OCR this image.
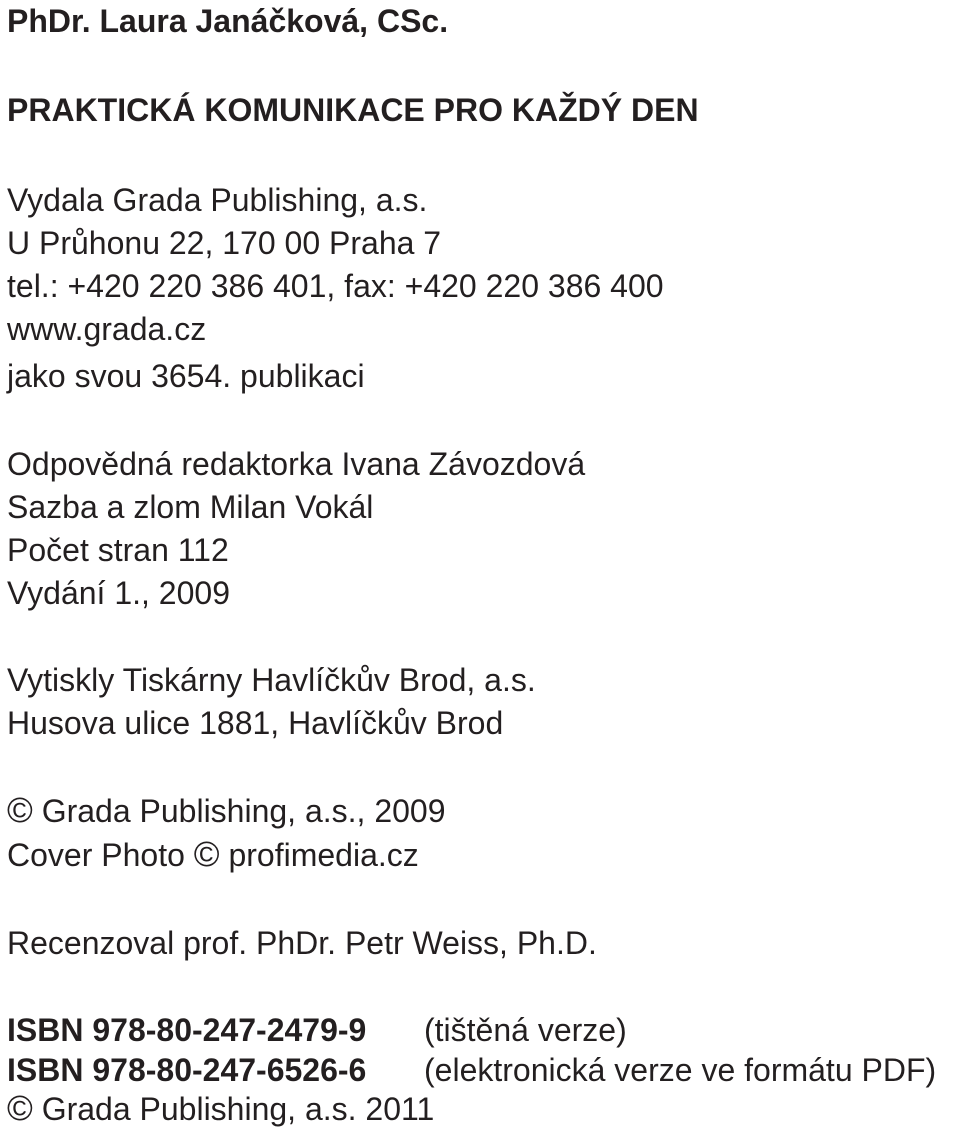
PhDr. Laura Janáčková, CSc.

PRAKTICKÁ KOMUNIKACE PRO KAŽDÝ DEN

Vydala Grada Publishing, a.s.

U Průhonu 22, 170 00 Praha 7

tel.: +420 220 386 401, fax: +420 220 386 400

www.grada.cz

jako svou 3654. publikaci

Odpovědná redaktorka Ivana Závozdová

Sazba a zlom Milan Vokál

Počet stran 112

Vydání 1., 2009

Vytiskly Tiskárny Havlíčkův Brod, a.s.

Husova ulice 1881, Havlíčkův Brod

© Grada Publishing, a.s., 2009

Cover Photo © profimedia.cz

Recenzoval prof. PhDr. Petr Weiss, Ph.D.

ISBN 978-80-247-2479-9 (tištěná verze)
ISBN 978-80-247-6526-6 (elektronická verze ve formátu PDF)

© Grada Publishing, a.s. 2011
